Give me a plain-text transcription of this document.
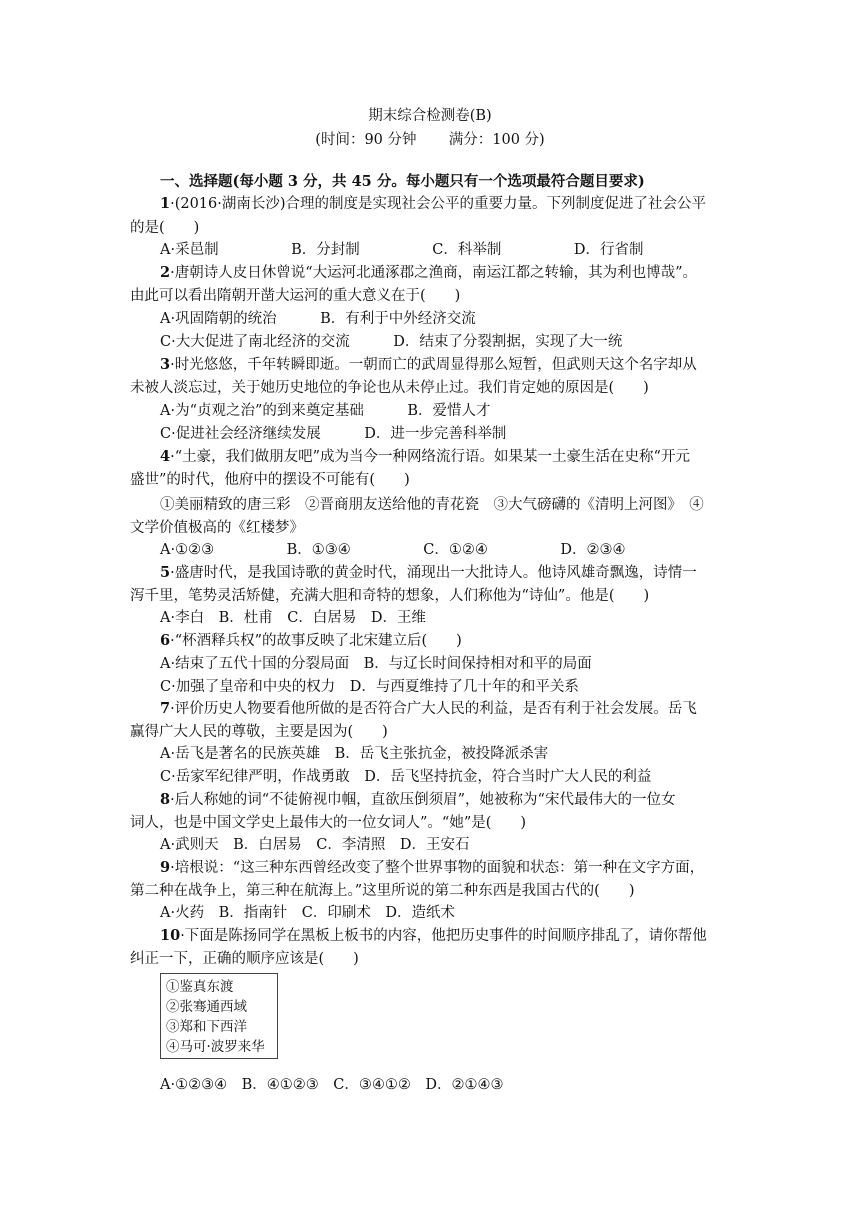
期末综合检测卷(B)
(时间：90 分钟       满分：100 分)
一、选择题(每小题 3 分，共 45 分。每小题只有一个选项最符合题目要求)
1·(2016·湖南长沙)合理的制度是实现社会公平的重要力量。下列制度促进了社会公平
的是(　　)
A·采邑制　　　　　B．分封制　　　　　C．科举制　　　　　D．行省制
2·唐朝诗人皮日休曾说“大运河北通涿郡之渔商，南运江都之转输，其为利也博哉”。
由此可以看出隋朝开凿大运河的重大意义在于(　　)
A·巩固隋朝的统治　　　B．有利于中外经济交流
C·大大促进了南北经济的交流　　　D．结束了分裂割据，实现了大一统
3·时光悠悠，千年转瞬即逝。一朝而亡的武周显得那么短暂，但武则天这个名字却从
未被人淡忘过，关于她历史地位的争论也从未停止过。我们肯定她的原因是(　　)
A·为“贞观之治”的到来奠定基础　　　B．爱惜人才
C·促进社会经济继续发展　　　D．进一步完善科举制
4·“土豪，我们做朋友吧”成为当今一种网络流行语。如果某一土豪生活在史称“开元
盛世”的时代，他府中的摆设不可能有(　　)
①美丽精致的唐三彩　②晋商朋友送给他的青花瓷　③大气磅礴的《清明上河图》　④
文学价值极高的《红楼梦》
A·①②③　　　　　B．①③④　　　　　C．①②④　　　　　D．②③④
5·盛唐时代，是我国诗歌的黄金时代，涌现出一大批诗人。他诗风雄奇飘逸，诗情一
泻千里，笔势灵活矫健，充满大胆和奇特的想象，人们称他为“诗仙”。他是(　　)
A·李白　B．杜甫　C．白居易　D．王维
6·“杯酒释兵权”的故事反映了北宋建立后(　　)
A·结束了五代十国的分裂局面　B．与辽长时间保持相对和平的局面
C·加强了皇帝和中央的权力　D．与西夏维持了几十年的和平关系
7·评价历史人物要看他所做的是否符合广大人民的利益，是否有利于社会发展。岳飞
赢得广大人民的尊敬，主要是因为(　　)
A·岳飞是著名的民族英雄　B．岳飞主张抗金，被投降派杀害
C·岳家军纪律严明，作战勇敢　D．岳飞坚持抗金，符合当时广大人民的利益
8·后人称她的词“不徒俯视巾帼，直欲压倒须眉”，她被称为“宋代最伟大的一位女
词人，也是中国文学史上最伟大的一位女词人”。“她”是(　　)
A·武则天　B．白居易　C．李清照　D．王安石
9·培根说：“这三种东西曾经改变了整个世界事物的面貌和状态：第一种在文字方面，
第二种在战争上，第三种在航海上。”这里所说的第二种东西是我国古代的(　　)
A·火药　B．指南针　C．印刷术　D．造纸术
10·下面是陈扬同学在黑板上板书的内容，他把历史事件的时间顺序排乱了，请你帮他
纠正一下，正确的顺序应该是(　　)
①鉴真东渡
②张骞通西域
③郑和下西洋
④马可·波罗来华
A·①②③④　B．④①②③　C．③④①②　D．②①④③
